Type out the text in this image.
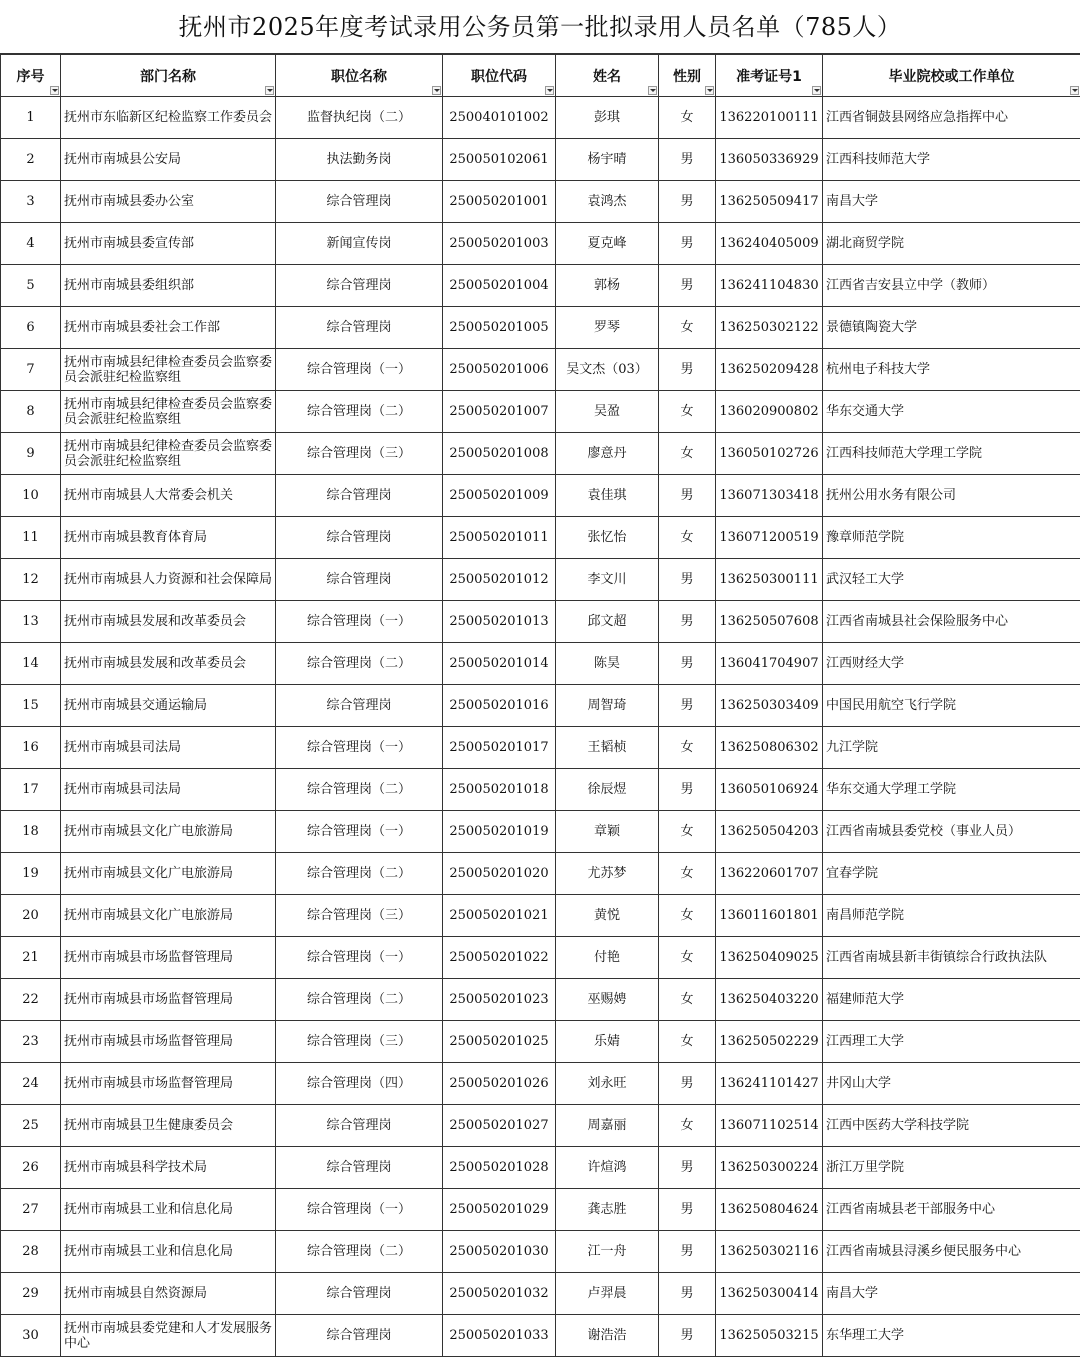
抚州市2025年度考试录用公务员第一批拟录用人员名单（785人）
序号	部门名称	职位名称	职位代码	姓名	性别	准考证号1	毕业院校或工作单位

1	抚州市东临新区纪检监察工作委员会	监督执纪岗（二）	250040101002	彭琪	女	136220100111	江西省铜鼓县网络应急指挥中心
2	抚州市南城县公安局	执法勤务岗	250050102061	杨宇晴	男	136050336929	江西科技师范大学
3	抚州市南城县委办公室	综合管理岗	250050201001	袁鸿杰	男	136250509417	南昌大学
4	抚州市南城县委宣传部	新闻宣传岗	250050201003	夏克峰	男	136240405009	湖北商贸学院
5	抚州市南城县委组织部	综合管理岗	250050201004	郭杨	男	136241104830	江西省吉安县立中学（教师）
6	抚州市南城县委社会工作部	综合管理岗	250050201005	罗琴	女	136250302122	景德镇陶瓷大学
7	抚州市南城县纪律检查委员会监察委员会派驻纪检监察组	综合管理岗（一）	250050201006	吴文杰（03）	男	136250209428	杭州电子科技大学
8	抚州市南城县纪律检查委员会监察委员会派驻纪检监察组	综合管理岗（二）	250050201007	吴盈	女	136020900802	华东交通大学
9	抚州市南城县纪律检查委员会监察委员会派驻纪检监察组	综合管理岗（三）	250050201008	廖意丹	女	136050102726	江西科技师范大学理工学院
10	抚州市南城县人大常委会机关	综合管理岗	250050201009	袁佳琪	男	136071303418	抚州公用水务有限公司
11	抚州市南城县教育体育局	综合管理岗	250050201011	张忆怡	女	136071200519	豫章师范学院
12	抚州市南城县人力资源和社会保障局	综合管理岗	250050201012	李文川	男	136250300111	武汉轻工大学
13	抚州市南城县发展和改革委员会	综合管理岗（一）	250050201013	邱文超	男	136250507608	江西省南城县社会保险服务中心
14	抚州市南城县发展和改革委员会	综合管理岗（二）	250050201014	陈昊	男	136041704907	江西财经大学
15	抚州市南城县交通运输局	综合管理岗	250050201016	周智琦	男	136250303409	中国民用航空飞行学院
16	抚州市南城县司法局	综合管理岗（一）	250050201017	王韬桢	女	136250806302	九江学院
17	抚州市南城县司法局	综合管理岗（二）	250050201018	徐辰煜	男	136050106924	华东交通大学理工学院
18	抚州市南城县文化广电旅游局	综合管理岗（一）	250050201019	章颖	女	136250504203	江西省南城县委党校（事业人员）
19	抚州市南城县文化广电旅游局	综合管理岗（二）	250050201020	尤苏梦	女	136220601707	宜春学院
20	抚州市南城县文化广电旅游局	综合管理岗（三）	250050201021	黄悦	女	136011601801	南昌师范学院
21	抚州市南城县市场监督管理局	综合管理岗（一）	250050201022	付艳	女	136250409025	江西省南城县新丰街镇综合行政执法队
22	抚州市南城县市场监督管理局	综合管理岗（二）	250050201023	巫赐娉	女	136250403220	福建师范大学
23	抚州市南城县市场监督管理局	综合管理岗（三）	250050201025	乐婧	女	136250502229	江西理工大学
24	抚州市南城县市场监督管理局	综合管理岗（四）	250050201026	刘永旺	男	136241101427	井冈山大学
25	抚州市南城县卫生健康委员会	综合管理岗	250050201027	周嘉丽	女	136071102514	江西中医药大学科技学院
26	抚州市南城县科学技术局	综合管理岗	250050201028	许煊鸿	男	136250300224	浙江万里学院
27	抚州市南城县工业和信息化局	综合管理岗（一）	250050201029	龚志胜	男	136250804624	江西省南城县老干部服务中心
28	抚州市南城县工业和信息化局	综合管理岗（二）	250050201030	江一舟	男	136250302116	江西省南城县浔溪乡便民服务中心
29	抚州市南城县自然资源局	综合管理岗	250050201032	卢羿晨	男	136250300414	南昌大学
30	抚州市南城县委党建和人才发展服务中心	综合管理岗	250050201033	谢浩浩	男	136250503215	东华理工大学
